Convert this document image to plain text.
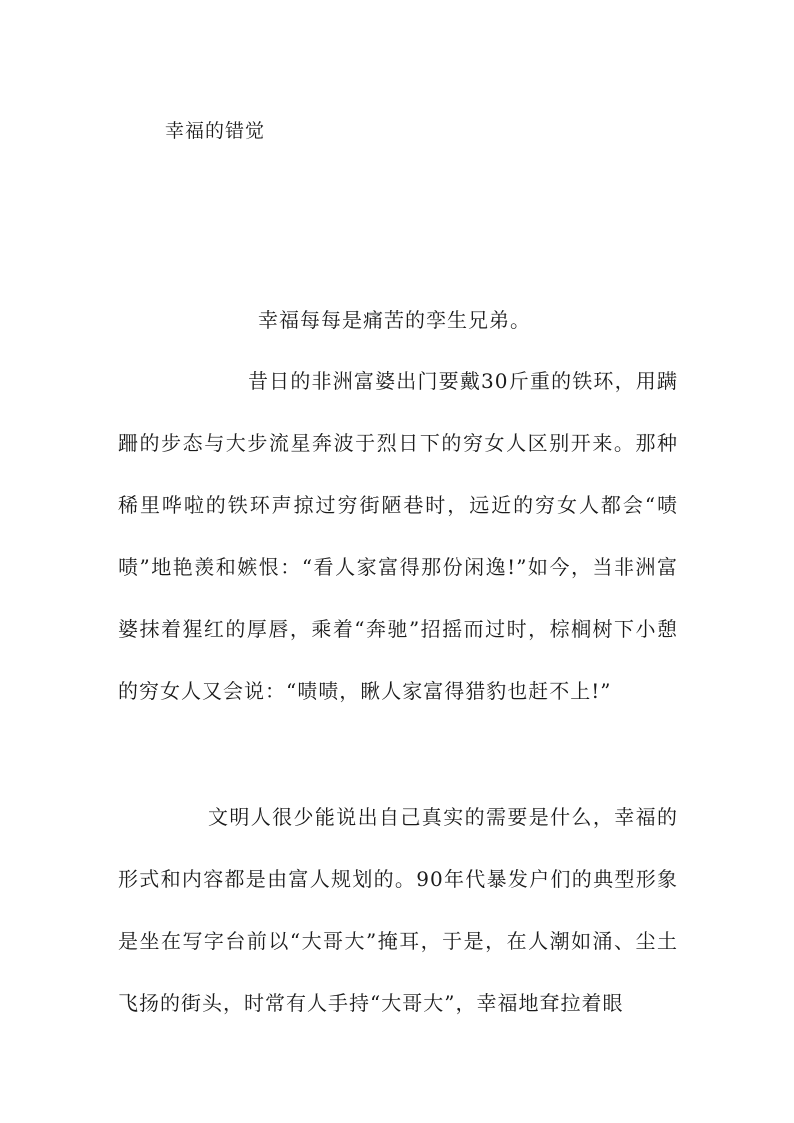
幸福的错觉

幸福每每是痛苦的孪生兄弟。

昔日的非洲富婆出门要戴30斤重的铁环，用蹒跚的步态与大步流星奔波于烈日下的穷女人区别开来。那种稀里哗啦的铁环声掠过穷街陋巷时，远近的穷女人都会“啧啧”地艳羡和嫉恨：“看人家富得那份闲逸!”如今，当非洲富婆抹着猩红的厚唇，乘着“奔驰”招摇而过时，棕榈树下小憩的穷女人又会说：“啧啧，瞅人家富得猎豹也赶不上!”

文明人很少能说出自己真实的需要是什么，幸福的形式和内容都是由富人规划的。90年代暴发户们的典型形象是坐在写字台前以“大哥大”掩耳，于是，在人潮如涌、尘土飞扬的街头，时常有人手持“大哥大”，幸福地耷拉着眼
